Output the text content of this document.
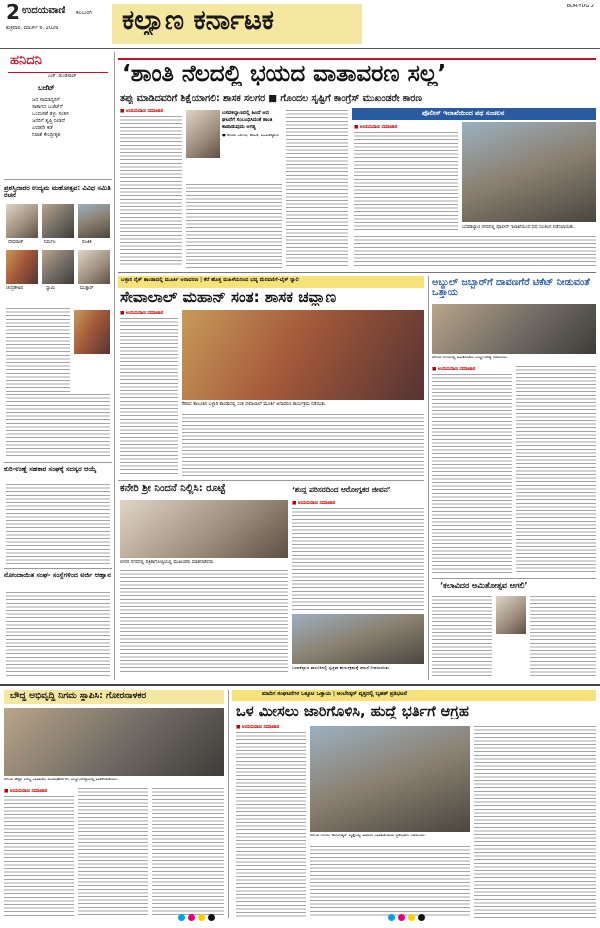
2 ಉದಯವಾಣಿ ಕಲಬುರಗಿ
ಶುಕ್ರವಾರ, ಮಾರ್ಚ್ 6, 2026	ಕಲ್ಯಾಣ ಕರ್ನಾಟಕ	BDR-YDG 2
ಹನಿದನಿ
ಎಚ್. ಡುಂಡಿರಾಜ್
ಬಜೆಟ್
ಜನ ಸಾಮಾನ್ಯರಿಗೆ
ಸಾಕಾಗದ ಬಜೆಟ್‌ಗೆ
ಒಂದುಕಡೆ ತಳ್ಳು ಸಂತಸ
ಜನರಿಗೆ ತೃಪ್ತಿ ನೀಡದೆ
ಎರಡನೇ ಕಡೆ
ನಿರಾಶೆ ಕೇಂದ್ರೀಕೃತ
ಪ್ರಶಸ್ತಿದಾರರ ಉದ್ಯಮ ಮಹೋತ್ಸವ: ವಿವಿಧ ಸಮಿತಿ ರಚನೆ
ದೇವರಾಜ್	ನಿರ್ಮಲ	ರಂಜಿತ
ಚಂದ್ರಶೇಖರ	ಸ್ವಾಮಿ	ಮುಕ್ತಾರ್
ಕುರಿ-ಉಣ್ಣೆ ಸಹಕಾರ ಸಂಘಕ್ಕೆ ಸದಸ್ಯರ ಆಯ್ಕೆ
ನೋಂದಾಯಿತ ಸಂಘ- ಸಂಸ್ಥೆಗಳಿಂದ ಅರ್ಜಿ ಆಹ್ವಾನ
‘ಶಾಂತಿ ನೆಲದಲ್ಲಿ ಭಯದ ವಾತಾವರಣ ಸಲ್ಲ’
ತಪ್ಪು ಮಾಡಿದವರಿಗೆ ಶಿಕ್ಷೆಯಾಗಲಿ: ಶಾಸಕ ಸಲಗರ ■ ಗೊಂದಲ ಸೃಷ್ಟಿಗೆ ಕಾಂಗ್ರೆಸ್ ಮುಖಂಡರೇ ಕಾರಣ
■ ಉದಯವಾಣಿ ಸಮಾಚಾರ	ಬಸವಕಲ್ಯಾಣದಲ್ಲಿ ಹಿಂದೆ ಆದ ಘಟನೆಗೆ ಸಂಬಂಧಿಸಿದಂತೆ ಶಾಂತಿ ಕಾಪಾಡುವುದು ಅಗತ್ಯ
● ಶರಣು ಸಲಗರ, ಶಾಸಕ, ಬಸವಕಲ್ಯಾಣ
ಪೊಲೀಸ್ ಇಲಾಖೆಯಿಂದ ಪಥ ಸಂಚಲನ
■ ಉದಯವಾಣಿ ಸಮಾಚಾರ
ಬಸವಕಲ್ಯಾಣ ನಗರದಲ್ಲಿ ಪೊಲೀಸ್ ಇಲಾಖೆಯಿಂದ ಪಥ ಸಂಚಲನ ನಡೆಸಲಾಯಿತು.
ಬಳ್ಳಾರಿ ನೈಕ್ ತಾಂಡಾದಲ್ಲಿ ಮೂರ್ತಿ ಅನಾವರಣ | ಕೆರೆ ಹೊತ್ತ ಮಹಿಳೆಯರಿಂದ ಭವ್ಯ ಮೆರವಣಿಗೆ-ಬೈಕ್ ರ‍್ಯಾಲಿ
ಸೇವಾಲಾಲ್ ಮಹಾನ್ ಸಂತ: ಶಾಸಕ ಚವ್ಹಾಣ
■ ಉದಯವಾಣಿ ಸಮಾಚಾರ
ಔರಾದ ತಾಲೂಕಿನ ಬಳ್ಳಾರಿ ತಾಂಡಾದಲ್ಲಿ ಸಂತ ಸೇವಾಲಾಲ್ ಮೂರ್ತಿ ಅನಾವರಣ ಕಾರ್ಯಕ್ರಮ ನಡೆಯಿತು.
ಕನೇರಿ ಶ್ರೀ ನಿಂದನೆ ನಿಲ್ಲಿಸಿ: ರೂಟ್ಟೆ
ಬೀದರ ನಗರದಲ್ಲಿ ಪತ್ರಿಕಾಗೋಷ್ಠಿಯಲ್ಲಿ ಮುಖಂಡರು ಮಾತನಾಡಿದರು.
‘ಶುದ್ಧ ಪರಿಸರದಿಂದ ಆರೋಗ್ಯಕರ ಜೀವನ’
■ ಉದಯವಾಣಿ ಸಮಾಚಾರ
ಬಸವಕಲ್ಯಾಣ ತಾಲೂಕಿನಲ್ಲಿ ಸ್ವಚ್ಛತಾ ಕಾರ್ಯಕ್ರಮಕ್ಕೆ ಚಾಲನೆ ನೀಡಲಾಯಿತು.
ಅಬ್ದುಲ್ ಜಬ್ಬಾರ್‌ಗೆ ದಾವಣಗೆರೆ ಟಿಕೆಟ್ ನೀಡುವಂತೆ ಒತ್ತಾಯ
ಬೀದರ ನಗರದಲ್ಲಿ ಮುಖಂಡರು ಸುದ್ದಿಗೋಷ್ಠಿ ನಡೆಸಿದರು.
■ ಉದಯವಾಣಿ ಸಮಾಚಾರ
‘ಕಲಾವಿದರ ಅಮಿತೋತ್ಸವ ಆಗಲಿ’
ಬೌದ್ಧ ಅಭಿವೃದ್ಧಿ ನಿಗಮ ಸ್ಥಾಪಿಸಿ: ಗೋರನಾಳಕರ
ಬೀದರ ಜಿಲ್ಲಾ ಬೌದ್ಧ ಸಮಾಜದ ಪದಾಧಿಕಾರಿಗಳು ಸುದ್ದಿಗೋಷ್ಠಿಯಲ್ಲಿ ಮಾತನಾಡಿದರು.
■ ಉದಯವಾಣಿ ಸಮಾಚಾರ
ಮಾದಿಗ ಸಂಘಟನೆಗಳ ಒಕ್ಕೂಟ ಒತ್ತಾಯ | ಅಂಬೇಡ್ಕರ್ ವೃತ್ತದಲ್ಲಿ ಬೃಹತ್ ಪ್ರತಿಭಟನೆ
ಒಳ ಮೀಸಲು ಜಾರಿಗೊಳಿಸಿ, ಹುದ್ದೆ ಭರ್ತಿಗೆ ಆಗ್ರಹ
■ ಉದಯವಾಣಿ ಸಮಾಚಾರ
ಬೀದರ ನಗರದ ಅಂಬೇಡ್ಕರ್ ವೃತ್ತದಲ್ಲಿ ಮಾದಿಗ ಸಮಾಜದವರು ಪ್ರತಿಭಟನೆ ನಡೆಸಿದರು.
